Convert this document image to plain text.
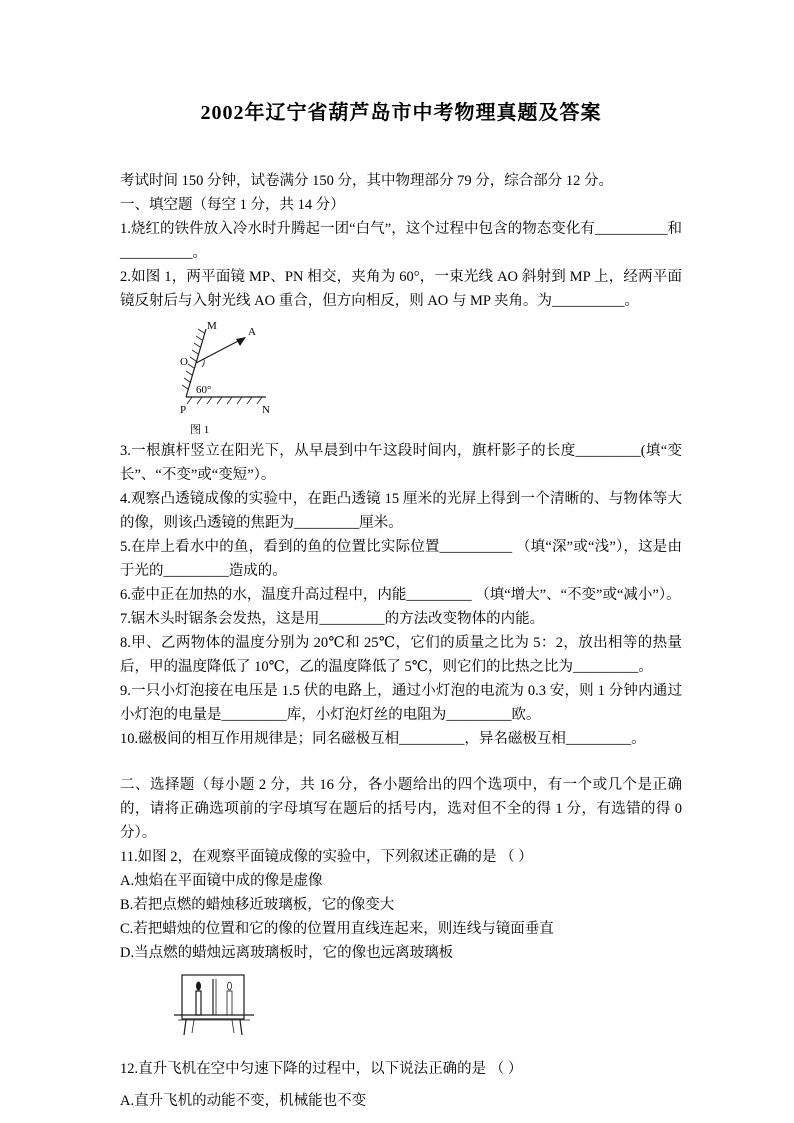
2002年辽宁省葫芦岛市中考物理真题及答案

考试时间 150 分钟，试卷满分 150 分，其中物理部分 79 分，综合部分 12 分。

一、填空题（每空 1 分，共 14 分）

1.烧红的铁件放入冷水时升腾起一团“白气”，这个过程中包含的物态变化有__________和__________。

2.如图 1，两平面镜 MP、PN 相交，夹角为 60°，一束光线 AO 斜射到 MP 上，经两平面镜反射后与入射光线 AO 重合，但方向相反，则 AO 与 MP 夹角。为__________。

M	A
O
60°
P	N
图 1

3.一根旗杆竖立在阳光下，从早晨到中午这段时间内，旗杆影子的长度_________(填“变长”、“不变”或“变短”）。

4.观察凸透镜成像的实验中，在距凸透镜 15 厘米的光屏上得到一个清晰的、与物体等大的像，则该凸透镜的焦距为_________厘米。

5.在岸上看水中的鱼，看到的鱼的位置比实际位置__________ （填“深”或“浅”），这是由于光的_________造成的。

6.壶中正在加热的水，温度升高过程中，内能_________ （填“增大”、“不变”或“减小”）。

7.锯木头时锯条会发热，这是用_________的方法改变物体的内能。

8.甲、乙两物体的温度分别为 20℃和 25℃，它们的质量之比为 5：2，放出相等的热量后，甲的温度降低了 10℃，乙的温度降低了 5℃，则它们的比热之比为_________。

9.一只小灯泡接在电压是 1.5 伏的电路上，通过小灯泡的电流为 0.3 安，则 1 分钟内通过小灯泡的电量是_________库，小灯泡灯丝的电阻为_________欧。

10.磁极间的相互作用规律是；同名磁极互相_________，异名磁极互相_________。

二、选择题（每小题 2 分，共 16 分，各小题给出的四个选项中，有一个或几个是正确的，请将正确选项前的字母填写在题后的括号内，选对但不全的得 1 分，有选错的得 0 分）。

11.如图 2，在观察平面镜成像的实验中，下列叙述正确的是 （ ）

A.烛焰在平面镜中成的像是虚像

B.若把点燃的蜡烛移近玻璃板，它的像变大

C.若把蜡烛的位置和它的像的位置用直线连起来，则连线与镜面垂直

D.当点燃的蜡烛远离玻璃板时，它的像也远离玻璃板

12.直升飞机在空中匀速下降的过程中，以下说法正确的是 （ ）

A.直升飞机的动能不变，机械能也不变
